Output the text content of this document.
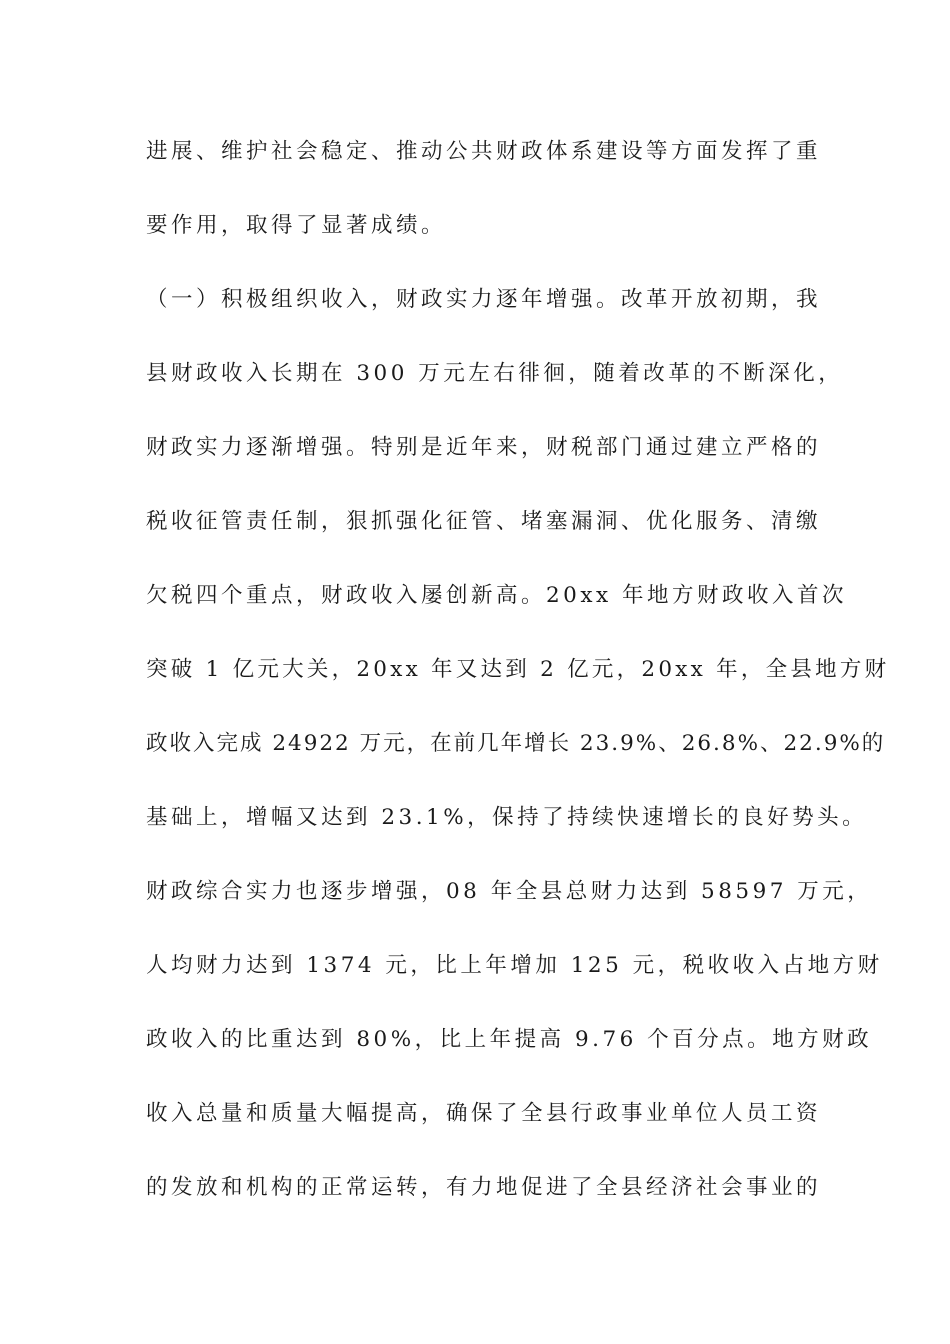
进展、维护社会稳定、推动公共财政体系建设等方面发挥了重
要作用，取得了显著成绩。
（一）积极组织收入，财政实力逐年增强。改革开放初期，我
县财政收入长期在 300 万元左右徘徊，随着改革的不断深化，
财政实力逐渐增强。特别是近年来，财税部门通过建立严格的
税收征管责任制，狠抓强化征管、堵塞漏洞、优化服务、清缴
欠税四个重点，财政收入屡创新高。20xx 年地方财政收入首次
突破 1 亿元大关，20xx 年又达到 2 亿元，20xx 年，全县地方财
政收入完成 24922 万元，在前几年增长 23.9%、26.8%、22.9%的
基础上，增幅又达到 23.1%，保持了持续快速增长的良好势头。
财政综合实力也逐步增强，08 年全县总财力达到 58597 万元，
人均财力达到 1374 元，比上年增加 125 元，税收收入占地方财
政收入的比重达到 80%，比上年提高 9.76 个百分点。地方财政
收入总量和质量大幅提高，确保了全县行政事业单位人员工资
的发放和机构的正常运转，有力地促进了全县经济社会事业的
